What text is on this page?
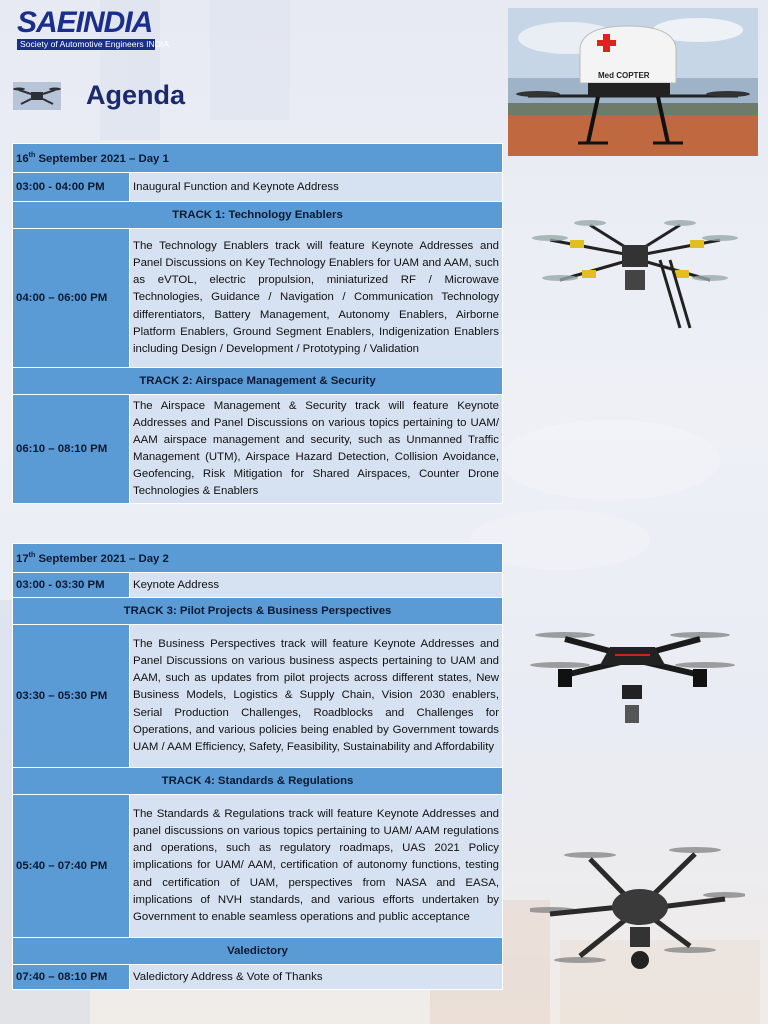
SAEINDIA
Society of Automotive Engineers INDIA
Agenda
Med COPTER
16th September 2021 – Day 1	
03:00 - 04:00 PM	Inaugural Function and Keynote Address
TRACK 1: Technology Enablers	
04:00 – 06:00 PM	The Technology Enablers track will feature Keynote Addresses and Panel Discussions on Key Technology Enablers for UAM and AAM, such as eVTOL, electric propulsion, miniaturized RF / Microwave Technologies, Guidance / Navigation / Communication Technology differentiators, Battery Management, Autonomy Enablers, Airborne Platform Enablers, Ground Segment Enablers, Indigenization Enablers including Design / Development / Prototyping / Validation

TRACK 2: Airspace Management & Security	
06:10 – 08:10 PM	The Airspace Management & Security track will feature Keynote Addresses and Panel Discussions on various topics pertaining to UAM/ AAM airspace management and security, such as Unmanned Traffic Management (UTM), Airspace Hazard Detection, Collision Avoidance, Geofencing, Risk Mitigation for Shared Airspaces, Counter Drone Technologies & Enablers

17th September 2021 – Day 2	
03:00 - 03:30 PM	Keynote Address
TRACK 3: Pilot Projects & Business Perspectives	
03:30 – 05:30 PM	The Business Perspectives track will feature Keynote Addresses and Panel Discussions on various business aspects pertaining to UAM and AAM, such as updates from pilot projects across different states, New Business Models, Logistics & Supply Chain, Vision 2030 enablers, Serial Production Challenges, Roadblocks and Challenges for Operations, and various policies being enabled by Government towards UAM / AAM Efficiency, Safety, Feasibility, Sustainability and Affordability

TRACK 4: Standards & Regulations	
05:40 – 07:40 PM	The Standards & Regulations track will feature Keynote Addresses and panel discussions on various topics pertaining to UAM/ AAM regulations and operations, such as regulatory roadmaps, UAS 2021 Policy implications for UAM/ AAM, certification of autonomy functions, testing and certification of UAM, perspectives from NASA and EASA, implications of NVH standards, and various efforts undertaken by Government to enable seamless operations and public acceptance

Valedictory	
07:40 – 08:10 PM	Valedictory Address & Vote of Thanks
